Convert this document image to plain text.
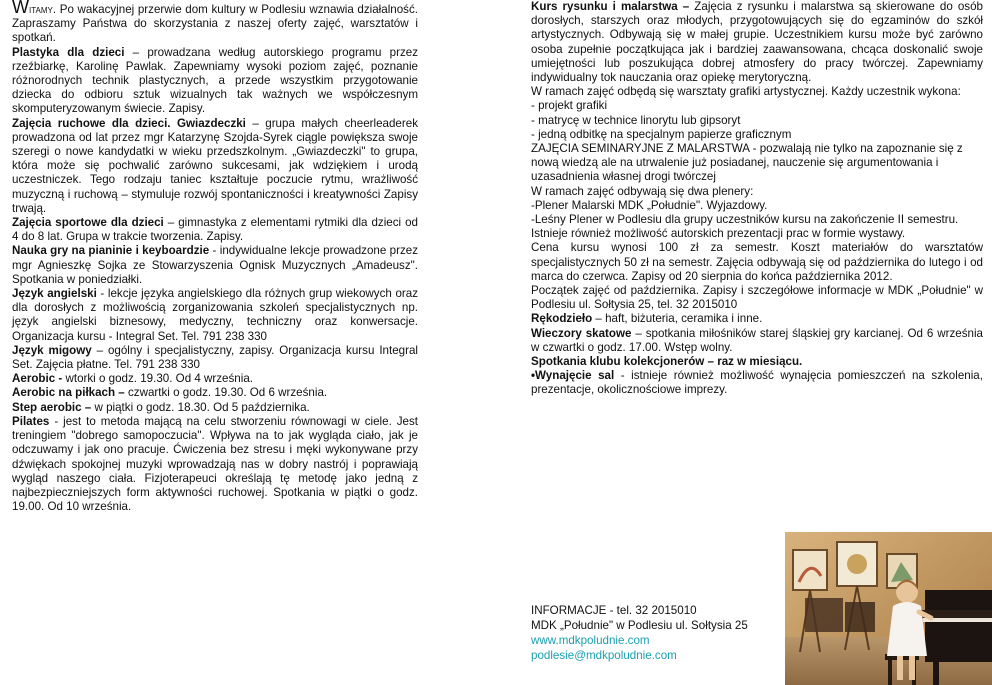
Witamy. Po wakacyjnej przerwie dom kultury w Podlesiu wznawia działalność. Zapraszamy Państwa do skorzystania z naszej oferty zajęć, warsztatów i spotkań.

Plastyka dla dzieci – prowadzana według autorskiego programu przez rzeźbiarkę, Karolinę Pawlak. Zapewniamy wysoki poziom zajęć, poznanie różnorodnych technik plastycznych, a przede wszystkim przygotowanie dziecka do odbioru sztuk wizualnych tak ważnych we współczesnym skomputeryzowanym świecie. Zapisy.

Zajęcia ruchowe dla dzieci. Gwiazdeczki – grupa małych cheerleaderek prowadzona od lat przez mgr Katarzynę Szojda-Syrek ciągle powiększa swoje szeregi o nowe kandydatki w wieku przedszkolnym. „Gwiazdeczki" to grupa, która może się pochwalić zarówno sukcesami, jak wdziękiem i urodą uczestniczek. Tego rodzaju taniec kształtuje poczucie rytmu, wrażliwość muzyczną i ruchową – stymuluje rozwój spontaniczności i kreatywności Zapisy trwają.

Zajęcia sportowe dla dzieci – gimnastyka z elementami rytmiki dla dzieci od 4 do 8 lat. Grupa w trakcie tworzenia. Zapisy.

Nauka gry na pianinie i keyboardzie - indywidualne lekcje prowadzone przez mgr Agnieszkę Sojka ze Stowarzyszenia Ognisk Muzycznych „Amadeusz". Spotkania w poniedziałki.

Język angielski - lekcje języka angielskiego dla różnych grup wiekowych oraz dla dorosłych z możliwością zorganizowania szkoleń specjalistycznych np. język angielski biznesowy, medyczny, techniczny oraz konwersacje. Organizacja kursu - Integral Set. Tel. 791 238 330

Język migowy – ogólny i specjalistyczny, zapisy. Organizacja kursu Integral Set. Zajęcia płatne. Tel. 791 238 330

Aerobic - wtorki o godz. 19.30. Od 4 września.

Aerobic na piłkach – czwartki o godz. 19.30. Od 6 września.

Step aerobic – w piątki o godz. 18.30. Od 5 października.

Pilates - jest to metoda mającą na celu stworzeniu równowagi w ciele. Jest treningiem "dobrego samopoczucia". Wpływa na to jak wygląda ciało, jak je odczuwamy i jak ono pracuje. Ćwiczenia bez stresu i męki wykonywane przy dźwiękach spokojnej muzyki wprowadzają nas w dobry nastrój i poprawiają wygląd naszego ciała. Fizjoterapeuci określają tę metodę jako jedną z najbezpieczniejszych form aktywności ruchowej. Spotkania w piątki o godz. 19.00. Od 10 września.

Kurs rysunku i malarstwa – Zajęcia z rysunku i malarstwa są skierowane do osób dorosłych, starszych oraz młodych, przygotowujących się do egzaminów do szkół artystycznych. Odbywają się w małej grupie. Uczestnikiem kursu może być zarówno osoba zupełnie początkująca jak i bardziej zaawansowana, chcąca doskonalić swoje umiejętności lub poszukująca dobrej atmosfery do pracy twórczej. Zapewniamy indywidualny tok nauczania oraz opiekę merytoryczną.

W ramach zajęć odbędą się warsztaty grafiki artystycznej. Każdy uczestnik wykona:
- projekt grafiki
- matrycę w technice linorytu lub gipsoryt
- jedną odbitkę na specjalnym papierze graficznym
ZAJĘCIA SEMINARYJNE Z MALARSTWA - pozwalają nie tylko na zapoznanie się z nową wiedzą ale na utrwalenie już posiadanej, nauczenie się argumentowania i uzasadnienia własnej drogi twórczej
W ramach zajęć odbywają się dwa plenery:
-Plener Malarski MDK „Południe". Wyjazdowy.
-Leśny Plener w Podlesiu dla grupy uczestników kursu na zakończenie II semestru.
Istnieje również możliwość autorskich prezentacji prac w formie wystawy.

Cena kursu wynosi 100 zł za semestr. Koszt materiałów do warsztatów specjalistycznych 50 zł na semestr. Zajęcia odbywają się od października do lutego i od marca do czerwca. Zapisy od 20 sierpnia do końca października 2012.

Początek zajęć od października. Zapisy i szczegółowe informacje w MDK „Południe" w Podlesiu ul. Sołtysia 25, tel. 32 2015010

Rękodzieło – haft, biżuteria, ceramika i inne.

Wieczory skatowe – spotkania miłośników starej śląskiej gry karcianej. Od 6 września w czwartki o godz. 17.00. Wstęp wolny.

Spotkania klubu kolekcjonerów – raz w miesiącu.

•Wynajęcie sal - istnieje również możliwość wynajęcia pomieszczeń na szkolenia, prezentacje, okolicznościowe imprezy.

INFORMACJE - tel. 32 2015010
MDK „Południe" w Podlesiu ul. Sołtysia 25
www.mdkpoludnie.com
podlesie@mdkpoludnie.com
